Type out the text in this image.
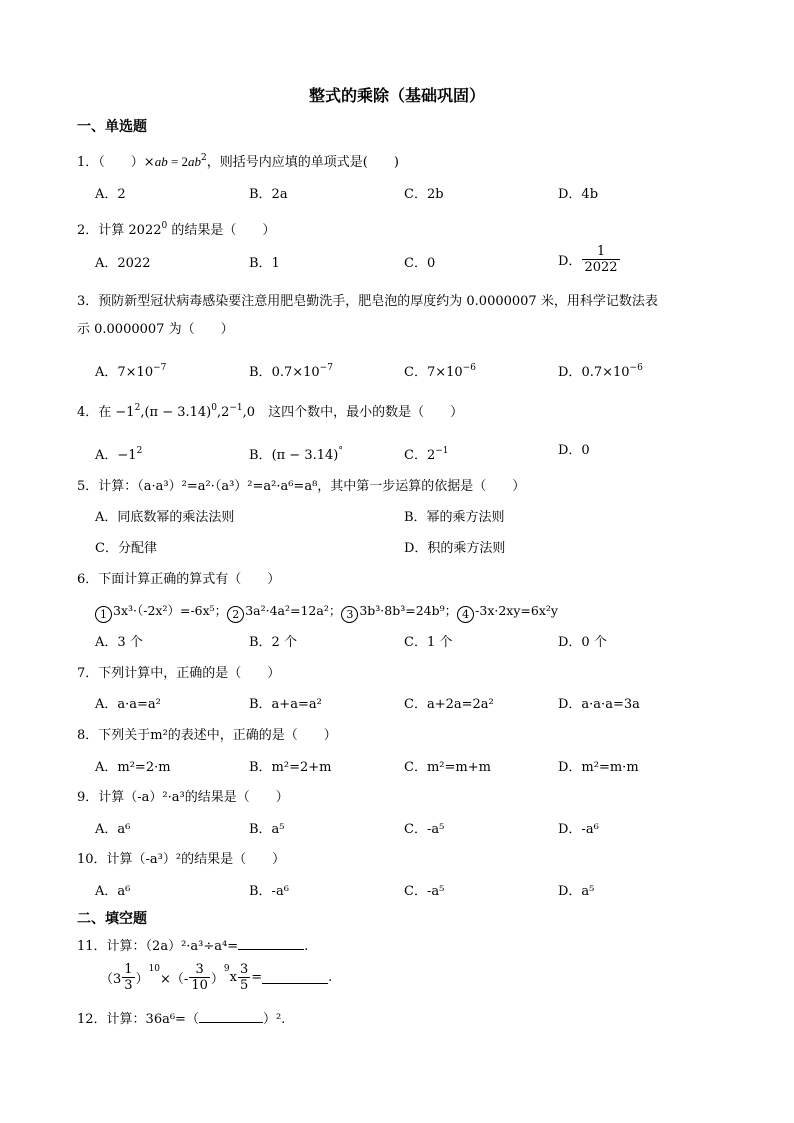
整式的乘除（基础巩固）
一、单选题
1．（　　）$\times ab = 2ab^2$，则括号内应填的单项式是(　　)
A．2	B．2a	C．2b	D．4b
2．计算 2022$^0$ 的结果是（　　）
A．2022	B．1	C．0	D． $\frac{1}{2022}$
3．预防新型冠状病毒感染要注意用肥皂勤洗手，肥皂泡的厚度约为 0.0000007 米，用科学记数法表
示 0.0000007 为（　　）
A．$7\times 10^{-7}$	B．$0.7\times 10^{-7}$	C．$7\times 10^{-6}$	D．$0.7\times 10^{-6}$
4．在 $-1^2,(\pi - 3.14)^0,2^{-1},0$　这四个数中，最小的数是（　　）
A．$-1^2$	B．(π − 3.14)°	C．$2^{-1}$	D．0
5．计算：（a·a³）²=a²·（a³）²=a²·a⁶=a⁸，其中第一步运算的依据是（　　）
A．同底数幂的乘法法则	B．幂的乘方法则
C．分配律	D．积的乘方法则
6．下面计算正确的算式有（　　）
1 3x³·（-2x²）=-6x⁵； 2 3a²·4a²=12a²； 3 3b³·8b³=24b⁹； 4 -3x·2xy=6x²y
A．3 个	B．2 个	C．1 个	D．0 个
7．下列计算中，正确的是（　　）
A．a·a=a²	B．a+a=a²	C．a+2a=2a²	D．a·a·a=3a
8．下列关于m²的表述中，正确的是（　　）
A．m²=2·m	B．m²=2+m	C．m²=m+m	D．m²=m·m
9．计算（-a）²·a³的结果是（　　）
A．a⁶	B．a⁵	C．-a⁵	D．-a⁶
10．计算（-a³）²的结果是（　　）
A．a⁶	B．-a⁶	C．-a⁵	D．a⁵
二、填空题
11．计算：（2a）²·a³÷a⁴=	.
$(3 \frac{1}{3} )^{10}\times(- \frac{3}{10} )^9x \frac{3}{5}$ =	.
12．计算：36a⁶=（	）².
